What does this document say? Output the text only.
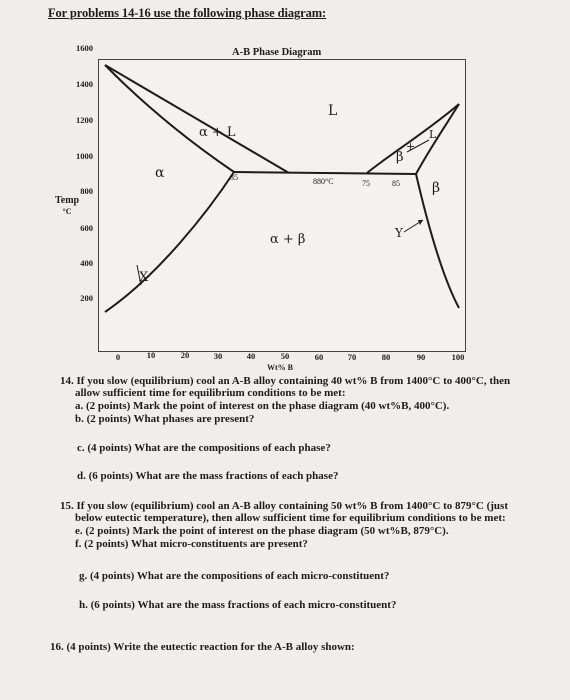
For problems 14-16 use the following phase diagram:
A-B Phase Diagram
1600
1400
1200
1000
800
600
400
200
Temp
°C
L
α + L
α
α + β
β
+
L
β
Y
X
35	880°C	75	85
0	10	20	30	40	50	60	70	80	90	100
Wt% B
14. If you slow (equilibrium) cool an A-B alloy containing 40 wt% B from 1400°C to 400°C, then
allow sufficient time for equilibrium conditions to be met:
a. (2 points) Mark the point of interest on the phase diagram (40 wt%B, 400°C).
b. (2 points) What phases are present?
c. (4 points) What are the compositions of each phase?
d. (6 points) What are the mass fractions of each phase?
15. If you slow (equilibrium) cool an A-B alloy containing 50 wt% B from 1400°C to 879°C (just
below eutectic temperature), then allow sufficient time for equilibrium conditions to be met:
e. (2 points) Mark the point of interest on the phase diagram (50 wt%B, 879°C).
f. (2 points) What micro-constituents are present?
g. (4 points) What are the compositions of each micro-constituent?
h. (6 points) What are the mass fractions of each micro-constituent?
16. (4 points) Write the eutectic reaction for the A-B alloy shown:
